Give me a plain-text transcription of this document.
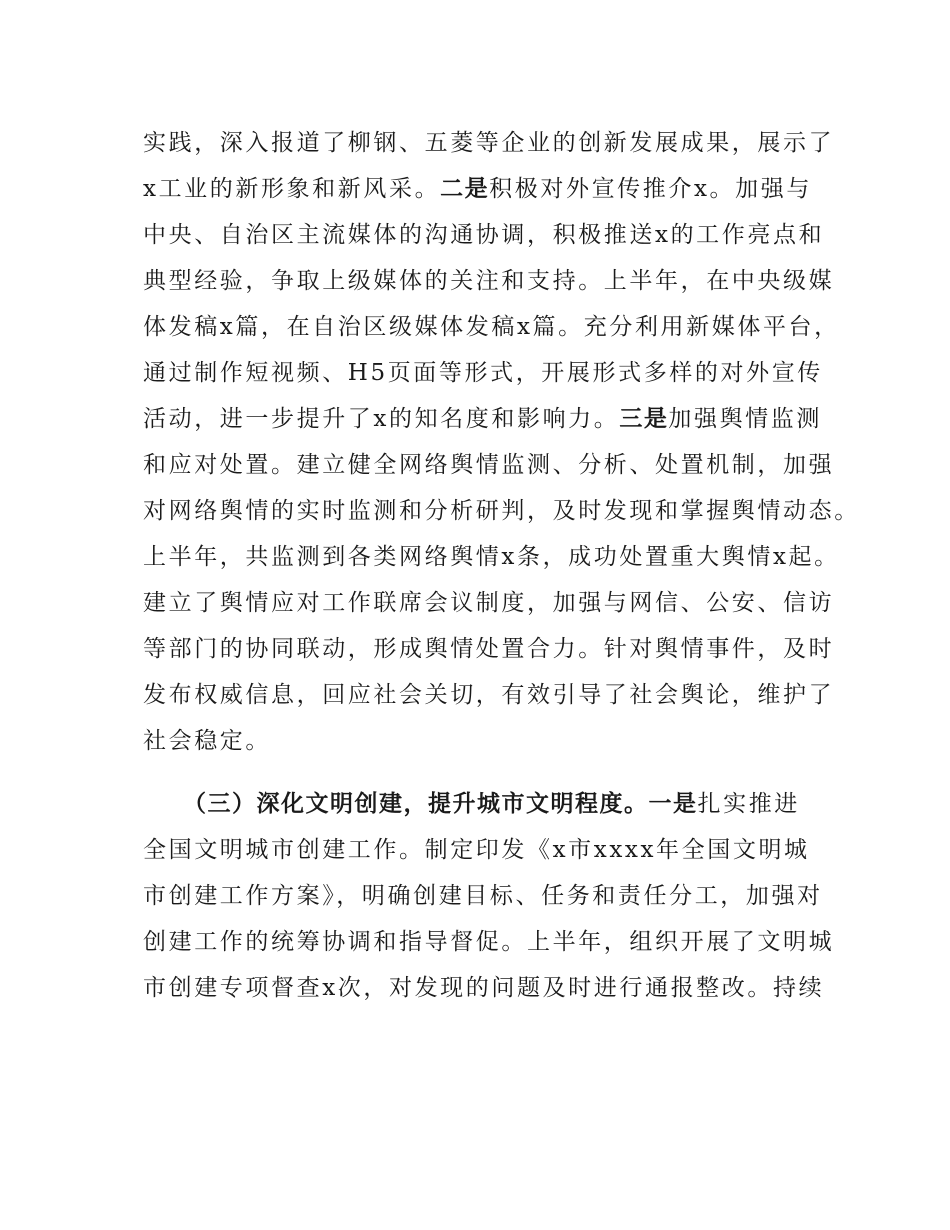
实践，深入报道了柳钢、五菱等企业的创新发展成果，展示了
x工业的新形象和新风采。二是积极对外宣传推介x。加强与
中央、自治区主流媒体的沟通协调，积极推送x的工作亮点和
典型经验，争取上级媒体的关注和支持。上半年，在中央级媒
体发稿x篇，在自治区级媒体发稿x篇。充分利用新媒体平台，
通过制作短视频、H5页面等形式，开展形式多样的对外宣传
活动，进一步提升了x的知名度和影响力。三是加强舆情监测
和应对处置。建立健全网络舆情监测、分析、处置机制，加强
对网络舆情的实时监测和分析研判，及时发现和掌握舆情动态。
上半年，共监测到各类网络舆情x条，成功处置重大舆情x起。
建立了舆情应对工作联席会议制度，加强与网信、公安、信访
等部门的协同联动，形成舆情处置合力。针对舆情事件，及时
发布权威信息，回应社会关切，有效引导了社会舆论，维护了
社会稳定。
（三）深化文明创建，提升城市文明程度。一是扎实推进
全国文明城市创建工作。制定印发《x市xxxx年全国文明城
市创建工作方案》，明确创建目标、任务和责任分工，加强对
创建工作的统筹协调和指导督促。上半年，组织开展了文明城
市创建专项督查x次，对发现的问题及时进行通报整改。持续
